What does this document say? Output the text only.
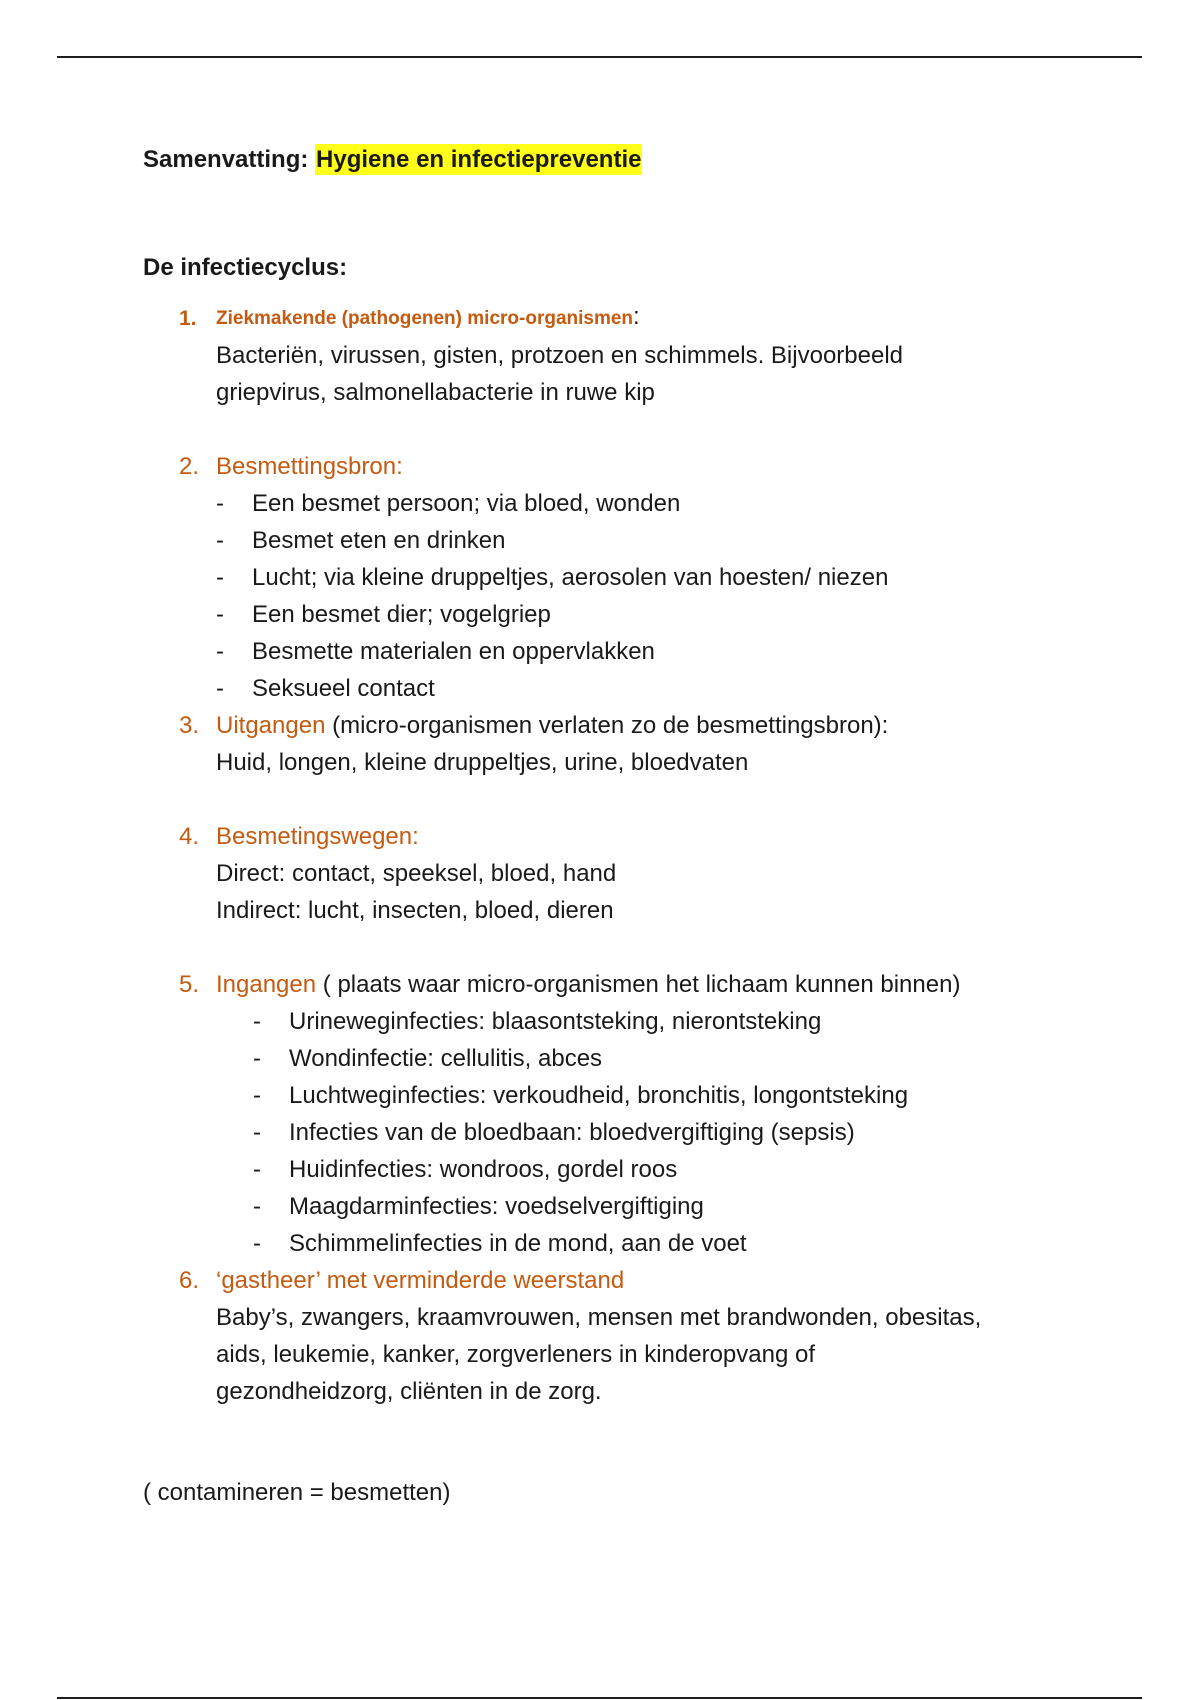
Samenvatting: Hygiene en infectiepreventie
De infectiecyclus:
1. Ziekmakende (pathogenen) micro-organismen:
Bacteriën, virussen, gisten, protzoen en schimmels. Bijvoorbeeld
griepvirus, salmonellabacterie in ruwe kip
2. Besmettingsbron:
- Een besmet persoon; via bloed, wonden
- Besmet eten en drinken
- Lucht; via kleine druppeltjes, aerosolen van hoesten/ niezen
- Een besmet dier; vogelgriep
- Besmette materialen en oppervlakken
- Seksueel contact
3. Uitgangen (micro-organismen verlaten zo de besmettingsbron):
Huid, longen, kleine druppeltjes, urine, bloedvaten
4. Besmetingswegen:
Direct: contact, speeksel, bloed, hand
Indirect: lucht, insecten, bloed, dieren
5. Ingangen ( plaats waar micro-organismen het lichaam kunnen binnen)
- Urineweginfecties: blaasontsteking, nierontsteking
- Wondinfectie: cellulitis, abces
- Luchtweginfecties: verkoudheid, bronchitis, longontsteking
- Infecties van de bloedbaan: bloedvergiftiging (sepsis)
- Huidinfecties: wondroos, gordel roos
- Maagdarminfecties: voedselvergiftiging
- Schimmelinfecties in de mond, aan de voet
6. ‘gastheer’ met verminderde weerstand
Baby’s, zwangers, kraamvrouwen, mensen met brandwonden, obesitas,
aids, leukemie, kanker, zorgverleners in kinderopvang of
gezondheidzorg, cliënten in de zorg.
( contamineren = besmetten)
